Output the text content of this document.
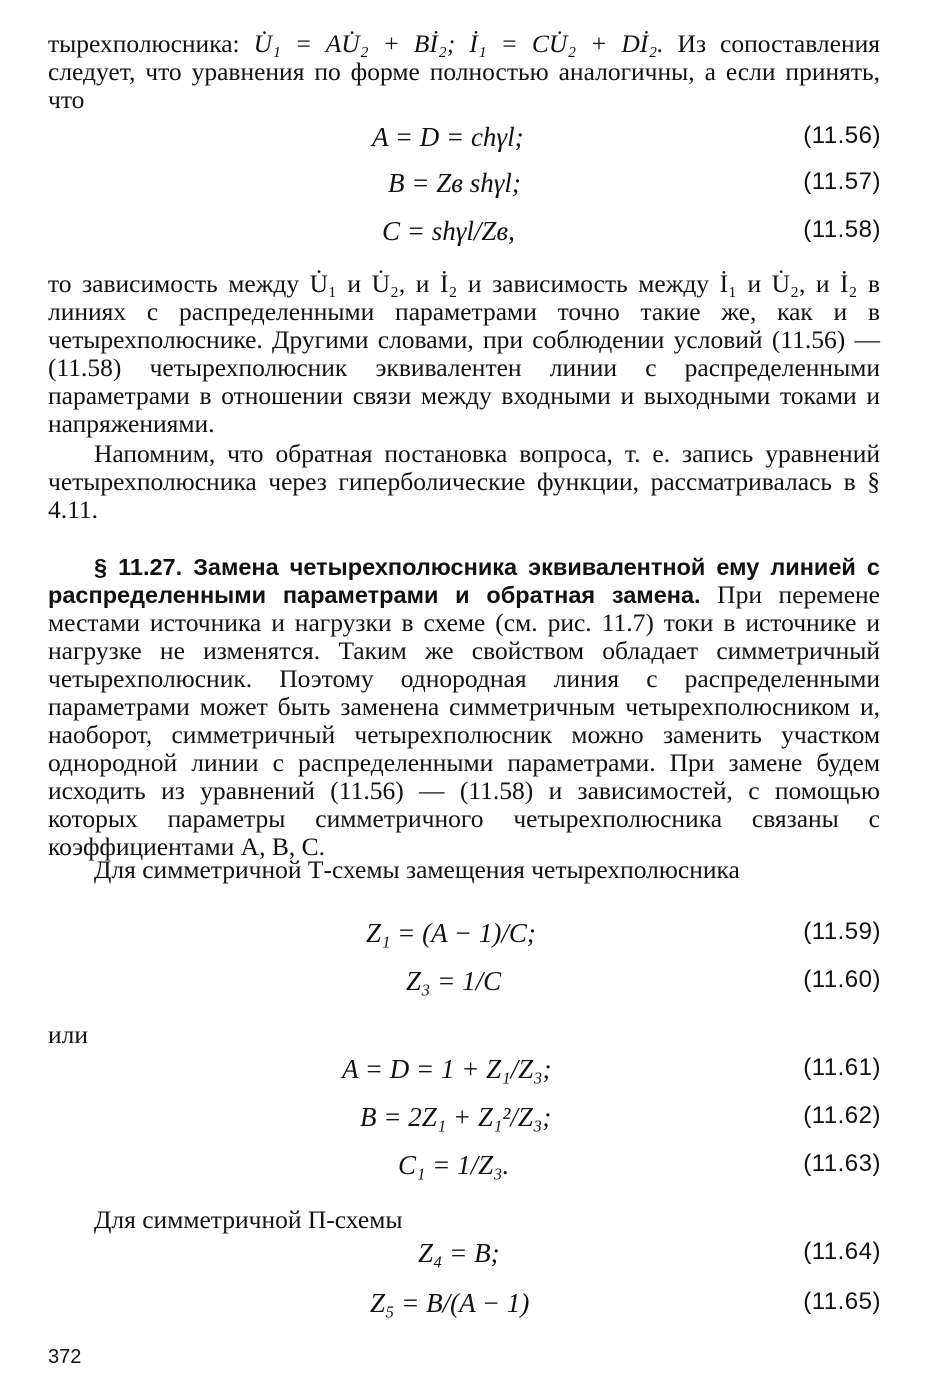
тырехполюсника: U̇₁ = AU̇₂ + Bİ₂; İ₁ = CU̇₂ + Dİ₂. Из сопоставления следует, что уравнения по форме полностью аналогичны, а если принять, что

A = D = chγl;	(11.56)
B = Zв shγl;	(11.57)
C = shγl/Zв,	(11.58)

то зависимость между U̇₁ и U̇₂, и İ₂ и зависимость между İ₁ и U̇₂, и İ₂ в линиях с распределенными параметрами точно такие же, как и в четырехполюснике. Другими словами, при соблюдении условий (11.56) — (11.58) четырехполюсник эквивалентен линии с распределенными параметрами в отношении связи между входными и выходными токами и напряжениями.

Напомним, что обратная постановка вопроса, т. е. запись уравнений четырехполюсника через гиперболические функции, рассматривалась в § 4.11.

§ 11.27. Замена четырехполюсника эквивалентной ему линией с распределенными параметрами и обратная замена. При перемене местами источника и нагрузки в схеме (см. рис. 11.7) токи в источнике и нагрузке не изменятся. Таким же свойством обладает симметричный четырехполюсник. Поэтому однородная линия с распределенными параметрами может быть заменена симметричным четырехполюсником и, наоборот, симметричный четырехполюсник можно заменить участком однородной линии с распределенными параметрами. При замене будем исходить из уравнений (11.56) — (11.58) и зависимостей, с помощью которых параметры симметричного четырехполюсника связаны с коэффициентами A, B, C.

Для симметричной Т-схемы замещения четырехполюсника

Z₁ = (A − 1)/C;	(11.59)
Z₃ = 1/C	(11.60)

или

A = D = 1 + Z₁/Z₃;	(11.61)
B = 2Z₁ + Z₁²/Z₃;	(11.62)
C₁ = 1/Z₃.	(11.63)

Для симметричной П-схемы

Z₄ = B;	(11.64)
Z₅ = B/(A − 1)	(11.65)
372
